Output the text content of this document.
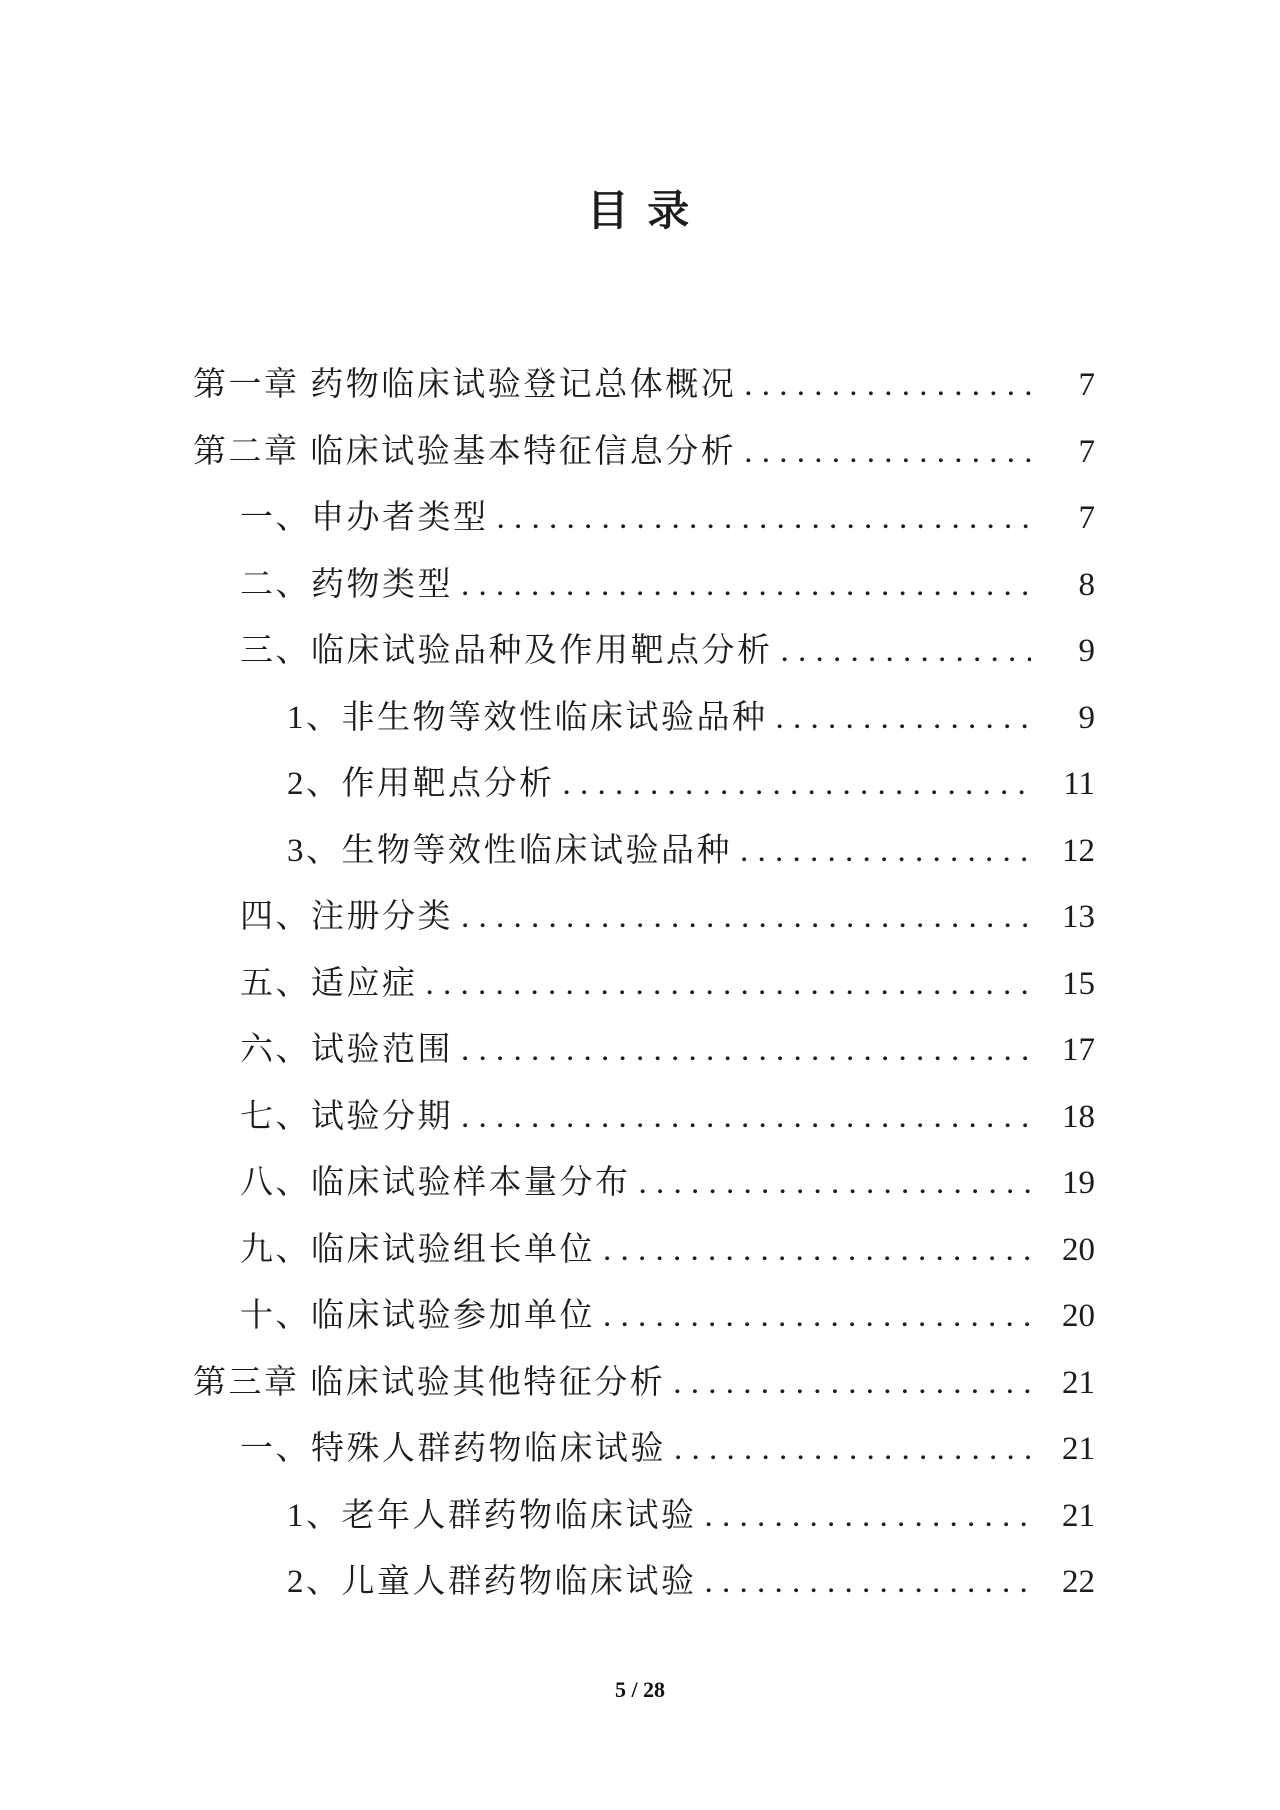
目 录
第一章 药物临床试验登记总体概况 . . .	7
第二章 临床试验基本特征信息分析 . . .	7
一、申办者类型 . . .	7
二、药物类型 . . .	8
三、临床试验品种及作用靶点分析 . . .	9
1、非生物等效性临床试验品种 . . .	9
2、作用靶点分析 . . .	11
3、生物等效性临床试验品种 . . .	12
四、注册分类 . . .	13
五、适应症 . . .	15
六、试验范围 . . .	17
七、试验分期 . . .	18
八、临床试验样本量分布 . . .	19
九、临床试验组长单位 . . .	20
十、临床试验参加单位 . . .	20
第三章 临床试验其他特征分析 . . .	21
一、特殊人群药物临床试验 . . .	21
1、老年人群药物临床试验 . . .	21
2、儿童人群药物临床试验 . . .	22
5 / 28
